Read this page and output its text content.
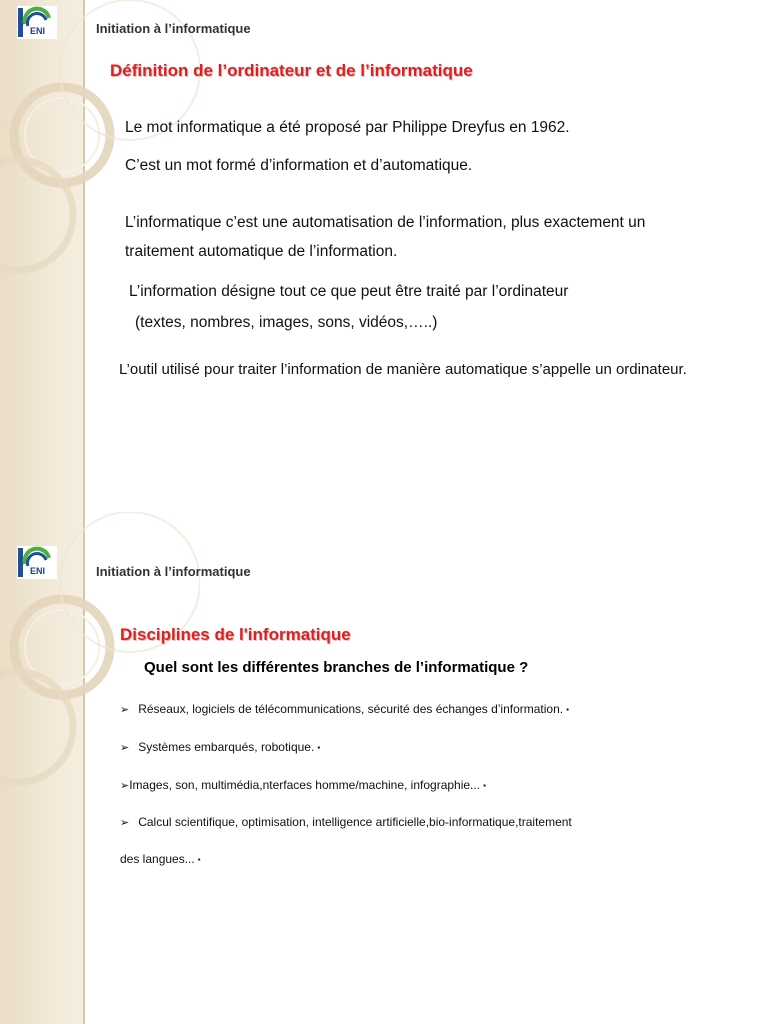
ENI	Initiation à l’informatique
Définition de l’ordinateur et de l’informatique
Le mot informatique a été proposé par Philippe Dreyfus en 1962.
C’est un mot formé d’information et d’automatique.
L’informatique c’est une automatisation de l’information, plus exactement un
traitement automatique de l’information.
L’information désigne tout ce que peut être traité par l’ordinateur
(textes, nombres, images, sons, vidéos,…..)
L’outil utilisé pour traiter l’information de manière automatique s’appelle un ordinateur.
ENI	Initiation à l’informatique
Disciplines de l'informatique
Quel sont les différentes branches de l’informatique ?
➢ Réseaux, logiciels de télécommunications, sécurité des échanges d’information. ▪
➢ Systèmes embarqués, robotique. ▪
➢Images, son, multimédia,nterfaces homme/machine, infographie... ▪
➢ Calcul scientifique, optimisation, intelligence artificielle,bio-informatique,traitement
des langues... ▪
